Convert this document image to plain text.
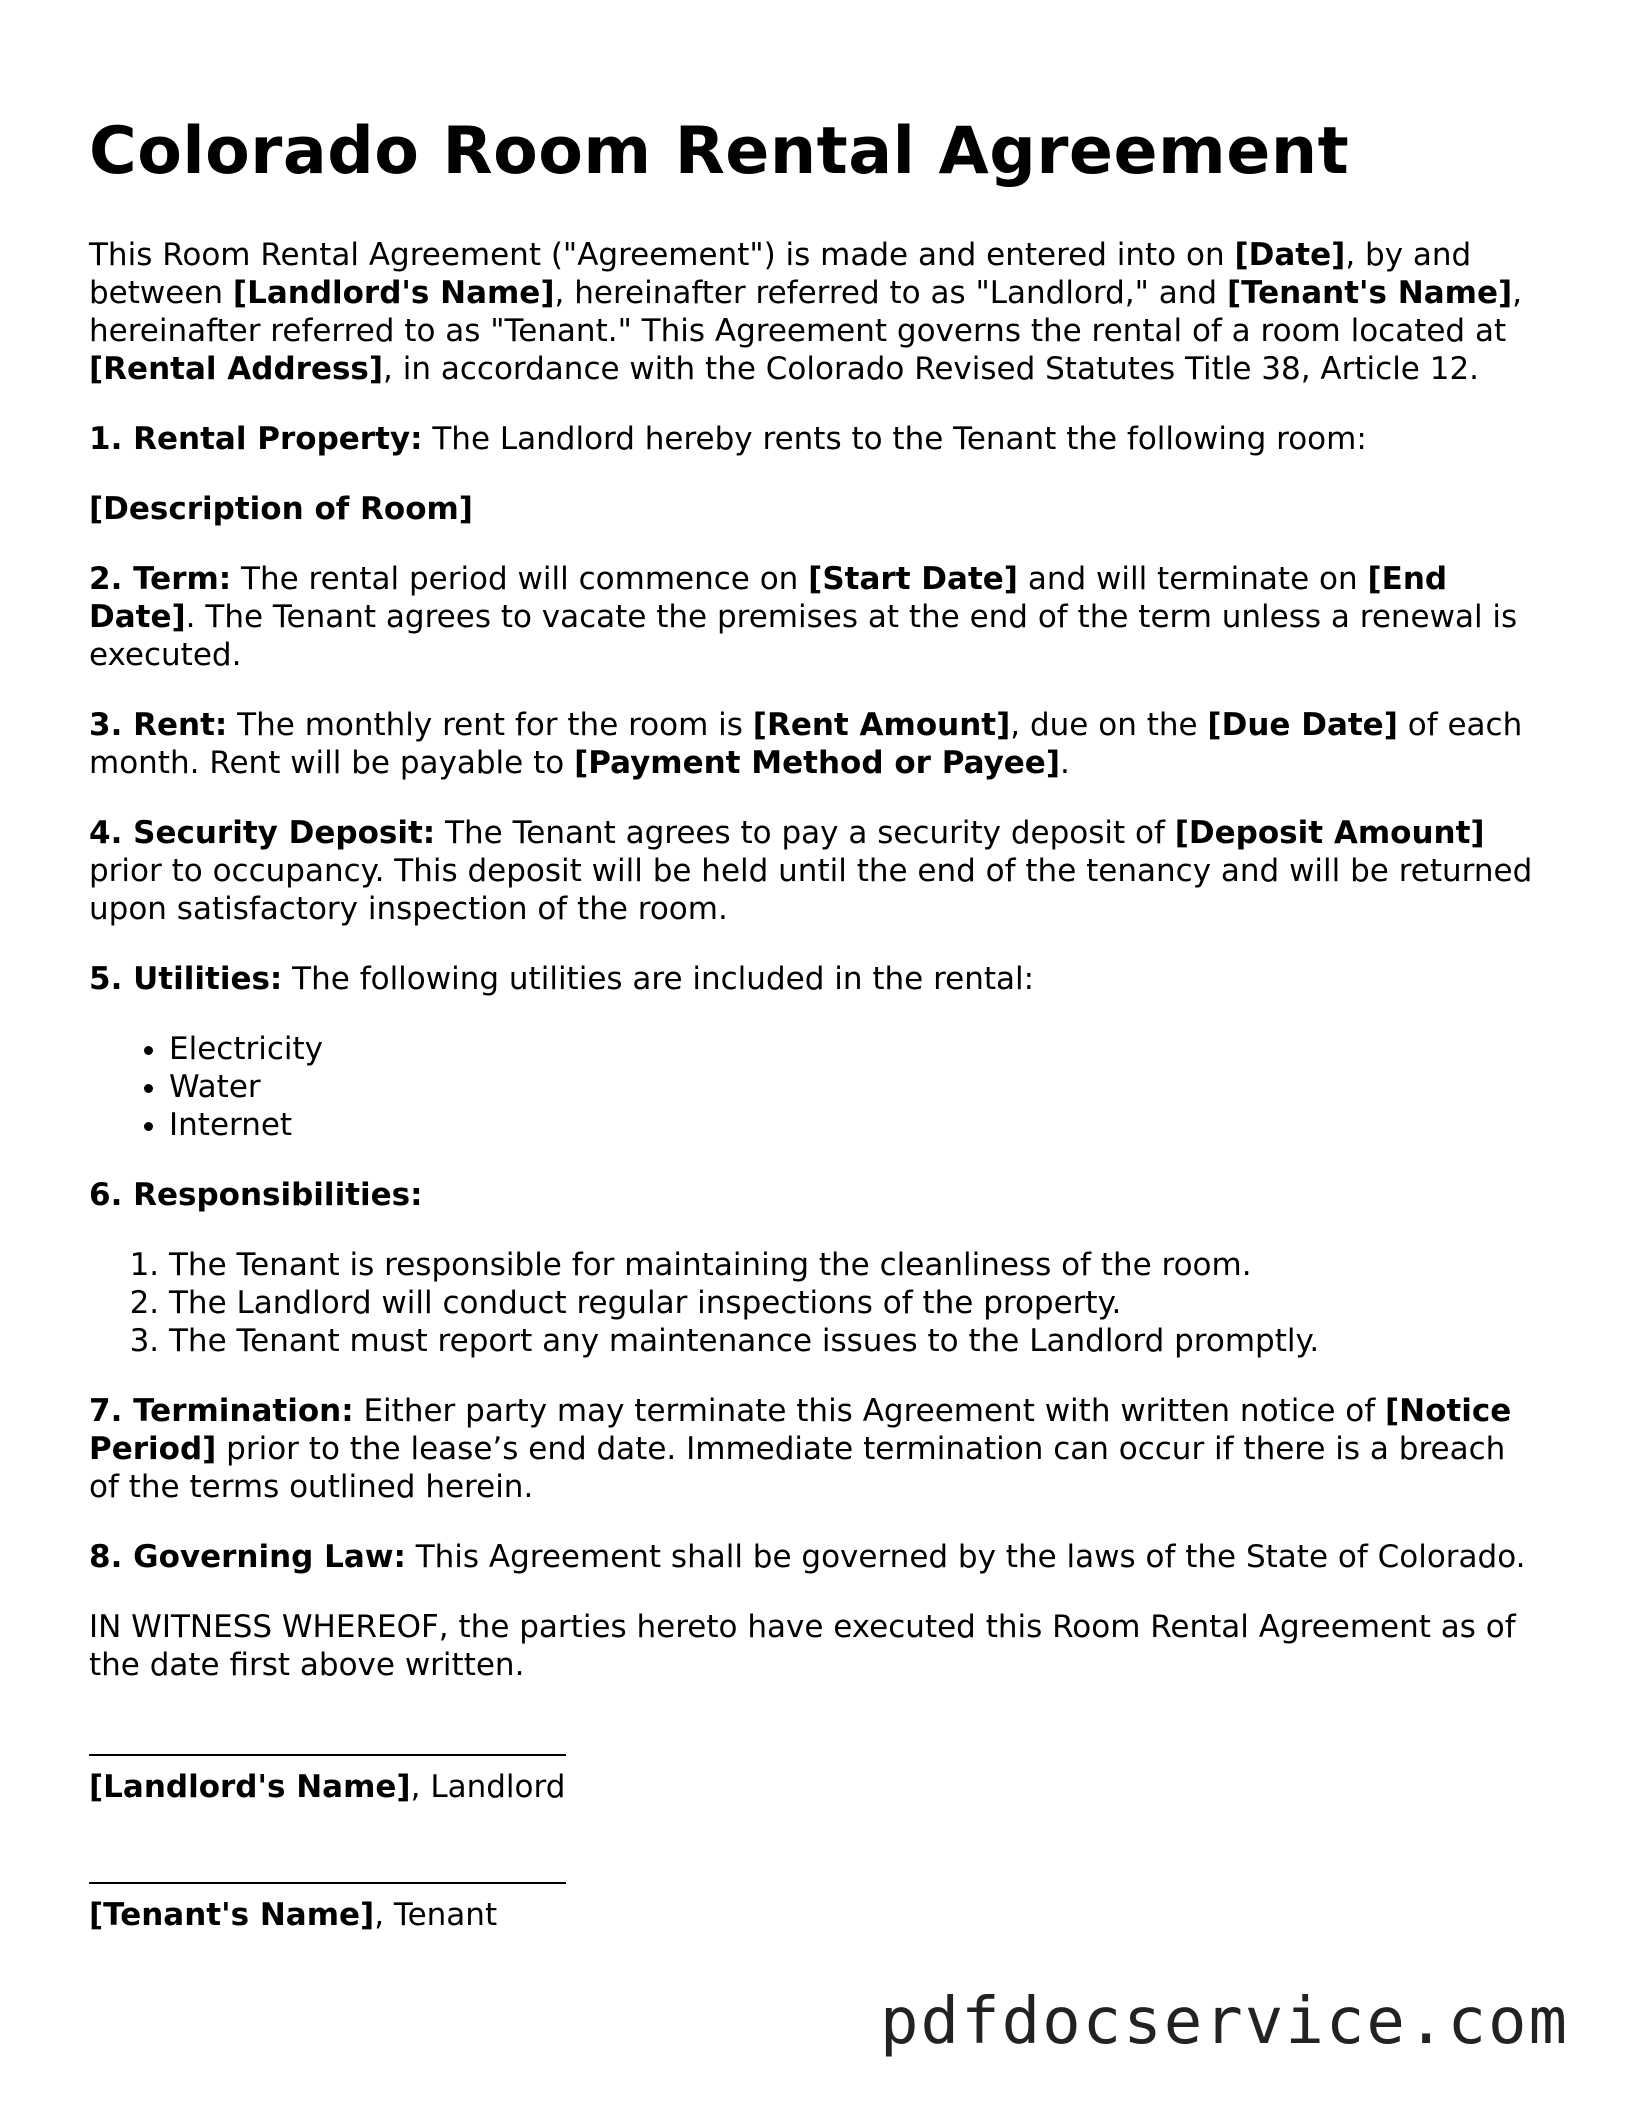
Colorado Room Rental Agreement

This Room Rental Agreement ("Agreement") is made and entered into on [Date], by and between [Landlord's Name], hereinafter referred to as "Landlord," and [Tenant's Name], hereinafter referred to as "Tenant." This Agreement governs the rental of a room located at [Rental Address], in accordance with the Colorado Revised Statutes Title 38, Article 12.

1. Rental Property: The Landlord hereby rents to the Tenant the following room:

[Description of Room]

2. Term: The rental period will commence on [Start Date] and will terminate on [End Date]. The Tenant agrees to vacate the premises at the end of the term unless a renewal is executed.

3. Rent: The monthly rent for the room is [Rent Amount], due on the [Due Date] of each month. Rent will be payable to [Payment Method or Payee].

4. Security Deposit: The Tenant agrees to pay a security deposit of [Deposit Amount] prior to occupancy. This deposit will be held until the end of the tenancy and will be returned upon satisfactory inspection of the room.

5. Utilities: The following utilities are included in the rental:

• Electricity
• Water
• Internet

6. Responsibilities:

1. The Tenant is responsible for maintaining the cleanliness of the room.
2. The Landlord will conduct regular inspections of the property.
3. The Tenant must report any maintenance issues to the Landlord promptly.

7. Termination: Either party may terminate this Agreement with written notice of [Notice Period] prior to the lease’s end date. Immediate termination can occur if there is a breach of the terms outlined herein.

8. Governing Law: This Agreement shall be governed by the laws of the State of Colorado.

IN WITNESS WHEREOF, the parties hereto have executed this Room Rental Agreement as of the date first above written.

[Landlord's Name], Landlord
[Tenant's Name], Tenant
pdfdocservice.com
